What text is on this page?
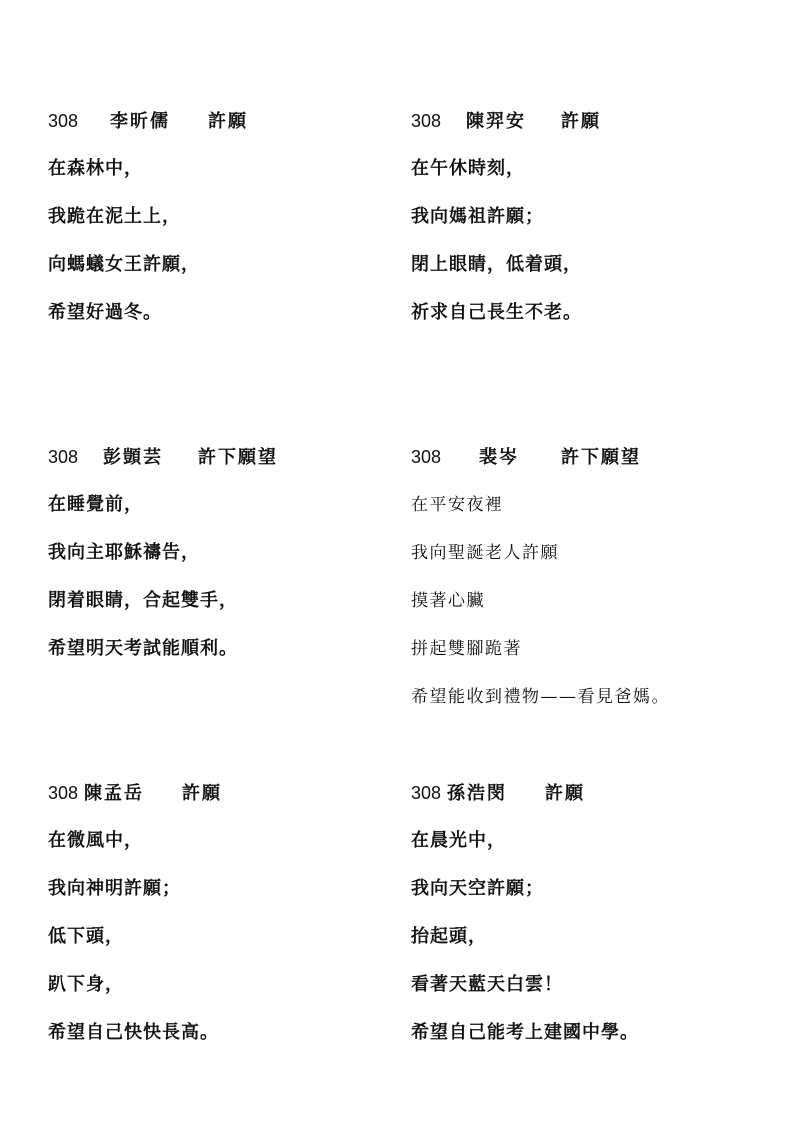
308 李昕儒 許願
在森林中，
我跪在泥土上，
向螞蟻女王許願，
希望好過冬。
308 陳羿安 許願
在午休時刻，
我向媽祖許願；
閉上眼睛，低着頭，
祈求自己長生不老。
308 彭顗芸 許下願望
在睡覺前，
我向主耶穌禱告，
閉着眼睛，合起雙手，
希望明天考試能順利。
308 裴岑 許下願望
在平安夜裡
我向聖誕老人許願
摸著心臟
拼起雙腳跪著
希望能收到禮物——看見爸媽。
308 陳孟岳 許願
在微風中，
我向神明許願；
低下頭，
趴下身，
希望自己快快長高。
308 孫浩閔 許願
在晨光中，
我向天空許願；
抬起頭，
看著天藍天白雲！
希望自己能考上建國中學。
